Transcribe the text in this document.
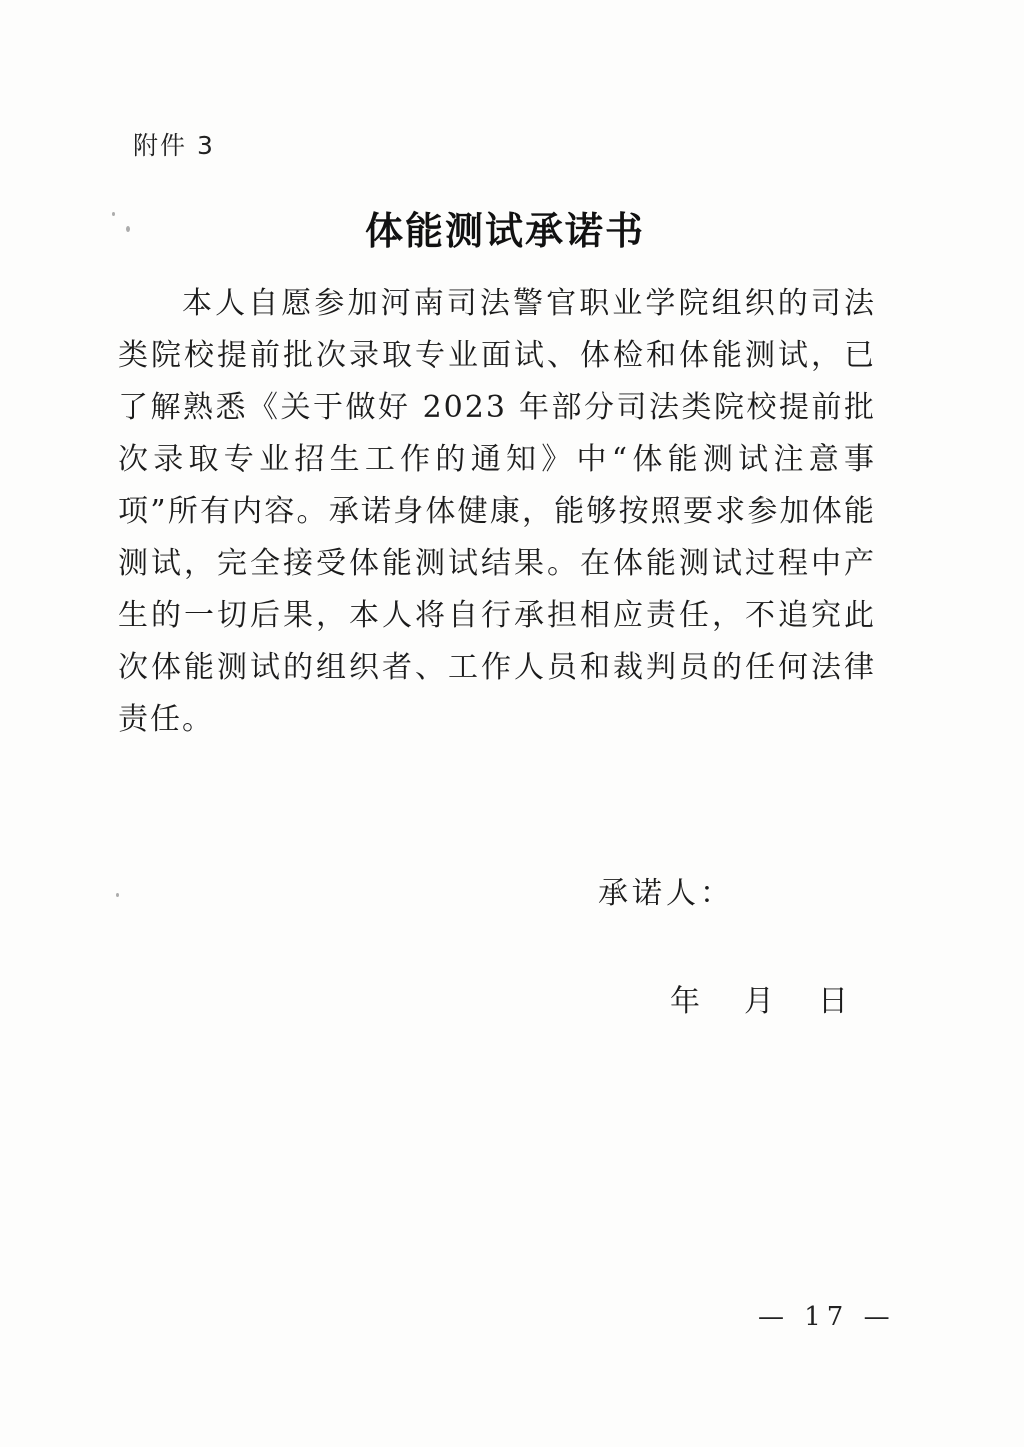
附件 3
体能测试承诺书
本人自愿参加河南司法警官职业学院组织的司法类院校提前批次录取专业面试、体检和体能测试，已了解熟悉《关于做好 2023 年部分司法类院校提前批次录取专业招生工作的通知》中“体能测试注意事项”所有内容。承诺身体健康，能够按照要求参加体能测试，完全接受体能测试结果。在体能测试过程中产生的一切后果，本人将自行承担相应责任，不追究此次体能测试的组织者、工作人员和裁判员的任何法律责任。
承诺人：
年 月 日
— 17 —
